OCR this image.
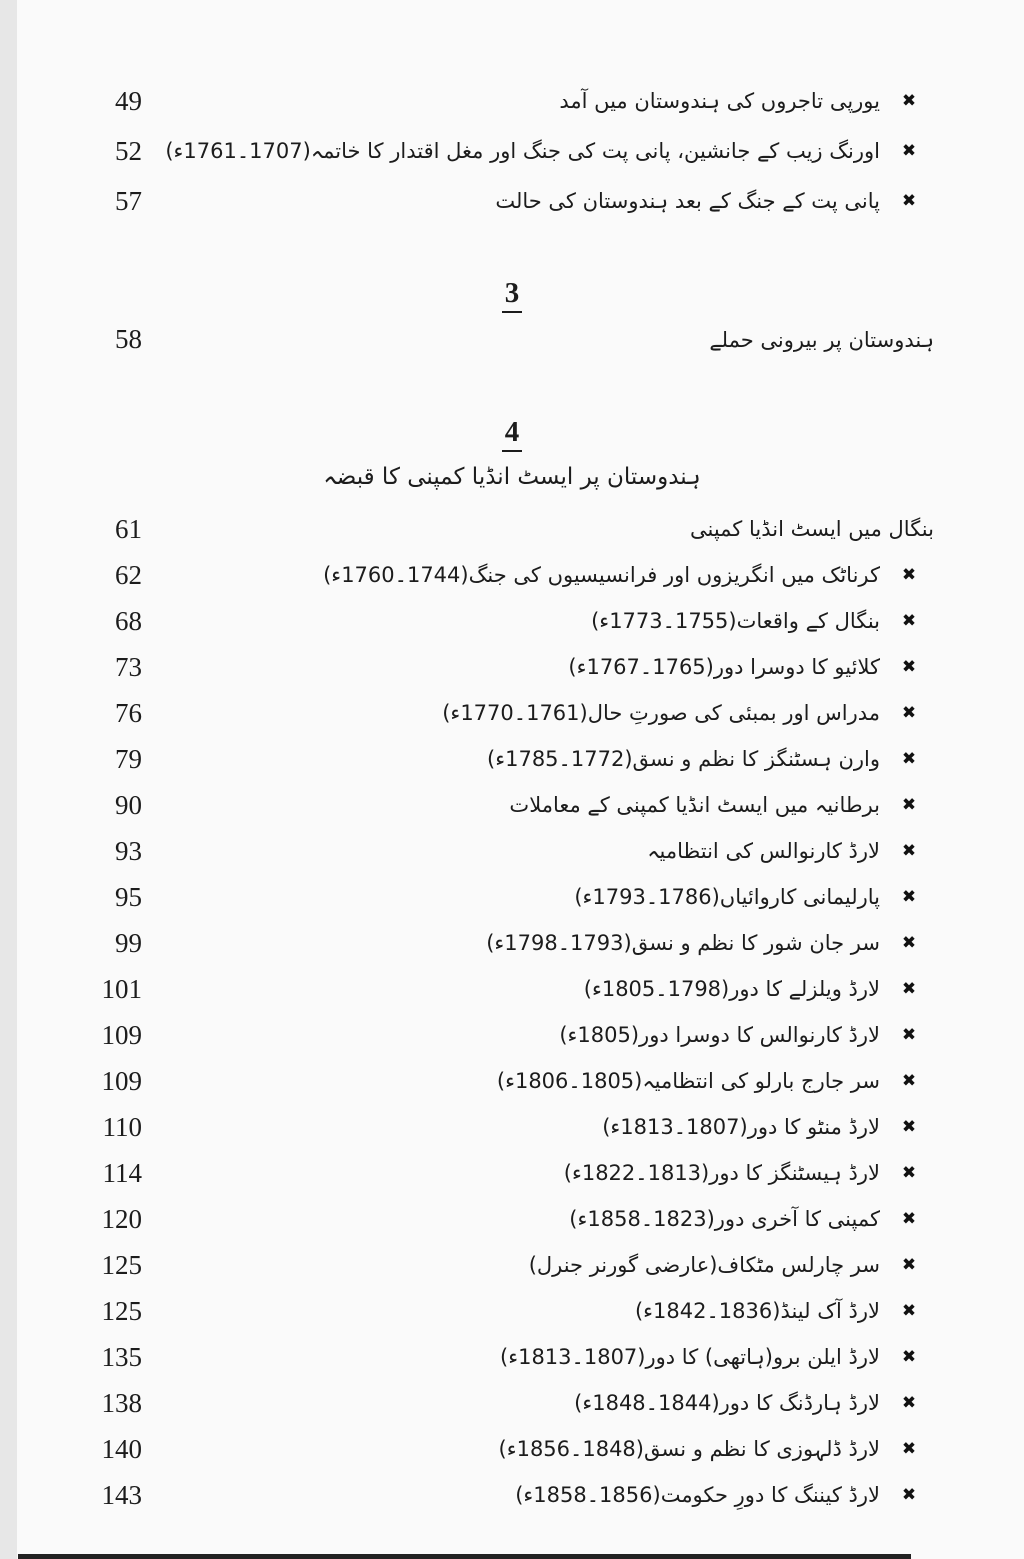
✖
یورپی تاجروں کی ہندوستان میں آمد
49
✖
اورنگ زیب کے جانشین، پانی پت کی جنگ اور مغل اقتدار کا خاتمہ(1707۔1761ء)
52
✖
پانی پت کے جنگ کے بعد ہندوستان کی حالت
57
3
ہندوستان پر بیرونی حملے
58
4
ہندوستان پر ایسٹ انڈیا کمپنی کا قبضہ
بنگال میں ایسٹ انڈیا کمپنی
61
✖
کرناٹک میں انگریزوں اور فرانسیسیوں کی جنگ(1744۔1760ء)
62
✖
بنگال کے واقعات(1755۔1773ء)
68
✖
کلائیو کا دوسرا دور(1765۔1767ء)
73
✖
مدراس اور بمبئی کی صورتِ حال(1761۔1770ء)
76
✖
وارن ہسٹنگز کا نظم و نسق(1772۔1785ء)
79
✖
برطانیہ میں ایسٹ انڈیا کمپنی کے معاملات
90
✖
لارڈ کارنوالس کی انتظامیہ
93
✖
پارلیمانی کاروائیاں(1786۔1793ء)
95
✖
سر جان شور کا نظم و نسق(1793۔1798ء)
99
✖
لارڈ ویلزلے کا دور(1798۔1805ء)
101
✖
لارڈ کارنوالس کا دوسرا دور(1805ء)
109
✖
سر جارج بارلو کی انتظامیہ(1805۔1806ء)
109
✖
لارڈ منٹو کا دور(1807۔1813ء)
110
✖
لارڈ ہیسٹنگز کا دور(1813۔1822ء)
114
✖
کمپنی کا آخری دور(1823۔1858ء)
120
✖
سر چارلس مٹکاف(عارضی گورنر جنرل)
125
✖
لارڈ آک لینڈ(1836۔1842ء)
125
✖
لارڈ ایلن برو(ہاتھی) کا دور(1807۔1813ء)
135
✖
لارڈ ہارڈنگ کا دور(1844۔1848ء)
138
✖
لارڈ ڈلہوزی کا نظم و نسق(1848۔1856ء)
140
✖
لارڈ کیننگ کا دورِ حکومت(1856۔1858ء)
143
